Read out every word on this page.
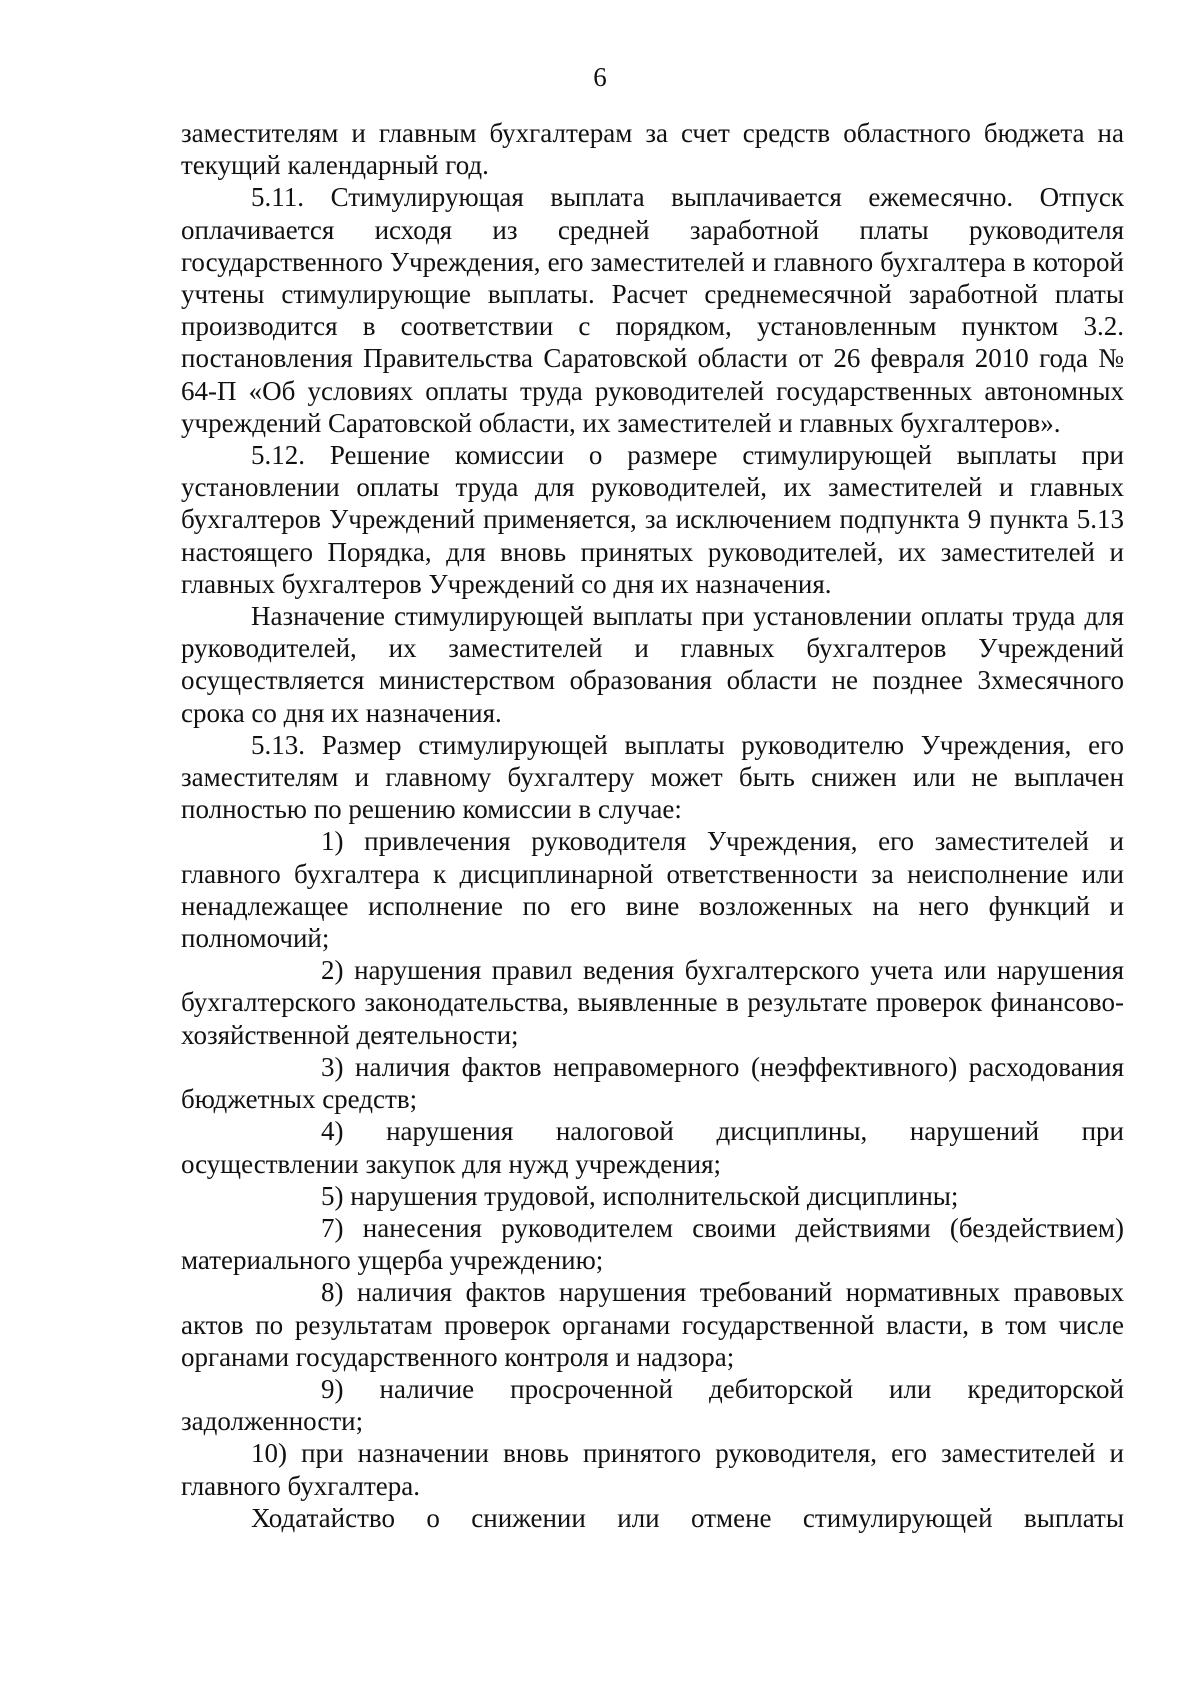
6

заместителям и главным бухгалтерам за счет средств областного бюджета на текущий календарный год.

5.11. Стимулирующая выплата выплачивается ежемесячно. Отпуск оплачивается исходя из средней заработной платы руководителя государственного Учреждения, его заместителей и главного бухгалтера в которой учтены стимулирующие выплаты. Расчет среднемесячной заработной платы производится в соответствии с порядком, установленным пунктом 3.2. постановления Правительства Саратовской области от 26 февраля 2010 года № 64-П «Об условиях оплаты труда руководителей государственных автономных учреждений Саратовской области, их заместителей и главных бухгалтеров».

5.12. Решение комиссии о размере стимулирующей выплаты при установлении оплаты труда для руководителей, их заместителей и главных бухгалтеров Учреждений применяется, за исключением подпункта 9 пункта 5.13 настоящего Порядка, для вновь принятых руководителей, их заместителей и главных бухгалтеров Учреждений со дня их назначения.

Назначение стимулирующей выплаты при установлении оплаты труда для руководителей, их заместителей и главных бухгалтеров Учреждений осуществляется министерством образования области не позднее 3хмесячного срока со дня их назначения.

5.13. Размер стимулирующей выплаты руководителю Учреждения, его заместителям и главному бухгалтеру может быть снижен или не выплачен полностью по решению комиссии в случае:

1) привлечения руководителя Учреждения, его заместителей и главного бухгалтера к дисциплинарной ответственности за неисполнение или ненадлежащее исполнение по его вине возложенных на него функций и полномочий;

2) нарушения правил ведения бухгалтерского учета или нарушения бухгалтерского законодательства, выявленные в результате проверок финансово-хозяйственной деятельности;

3) наличия фактов неправомерного (неэффективного) расходования бюджетных средств;

4) нарушения налоговой дисциплины, нарушений при осуществлении закупок для нужд учреждения;

5) нарушения трудовой, исполнительской дисциплины;

7) нанесения руководителем своими действиями (бездействием) материального ущерба учреждению;

8) наличия фактов нарушения требований нормативных правовых актов по результатам проверок органами государственной власти, в том числе органами государственного контроля и надзора;

9) наличие просроченной дебиторской или кредиторской задолженности;

10) при назначении вновь принятого руководителя, его заместителей и главного бухгалтера.

Ходатайство о снижении или отмене стимулирующей выплаты
